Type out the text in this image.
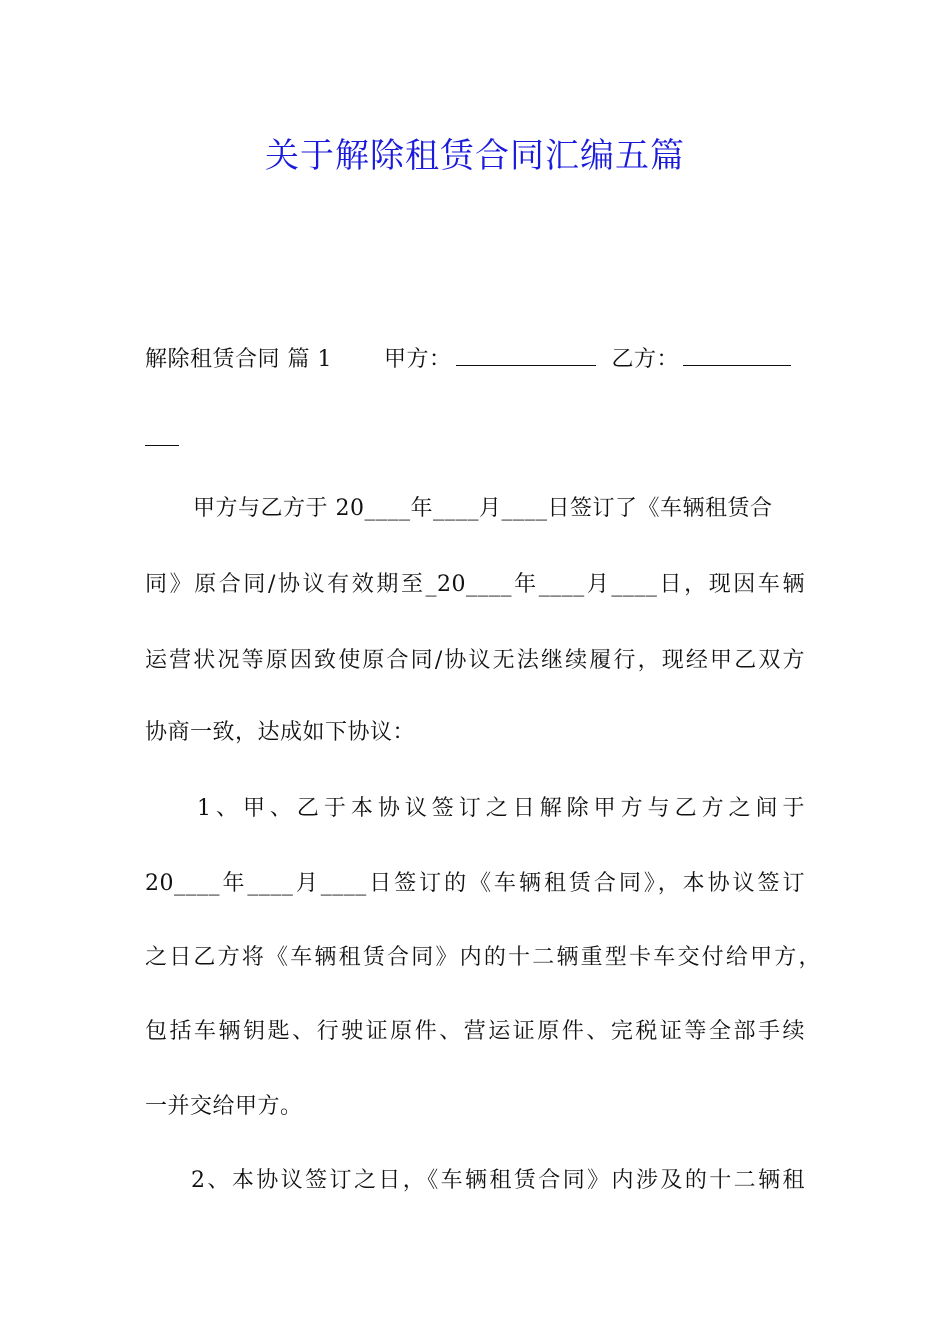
关于解除租赁合同汇编五篇
解除租赁合同 篇 1 甲方：	乙方：
甲方与乙方于 20____年____月____日签订了《车辆租赁合
同》原合同/协议有效期至_20____年____月____日，现因车辆
运营状况等原因致使原合同/协议无法继续履行，现经甲乙双方
协商一致，达成如下协议：
1、甲、乙于本协议签订之日解除甲方与乙方之间于
20____年____月____日签订的《车辆租赁合同》，本协议签订
之日乙方将《车辆租赁合同》内的十二辆重型卡车交付给甲方，
包括车辆钥匙、行驶证原件、营运证原件、完税证等全部手续
一并交给甲方。
2、本协议签订之日，《车辆租赁合同》内涉及的十二辆租
